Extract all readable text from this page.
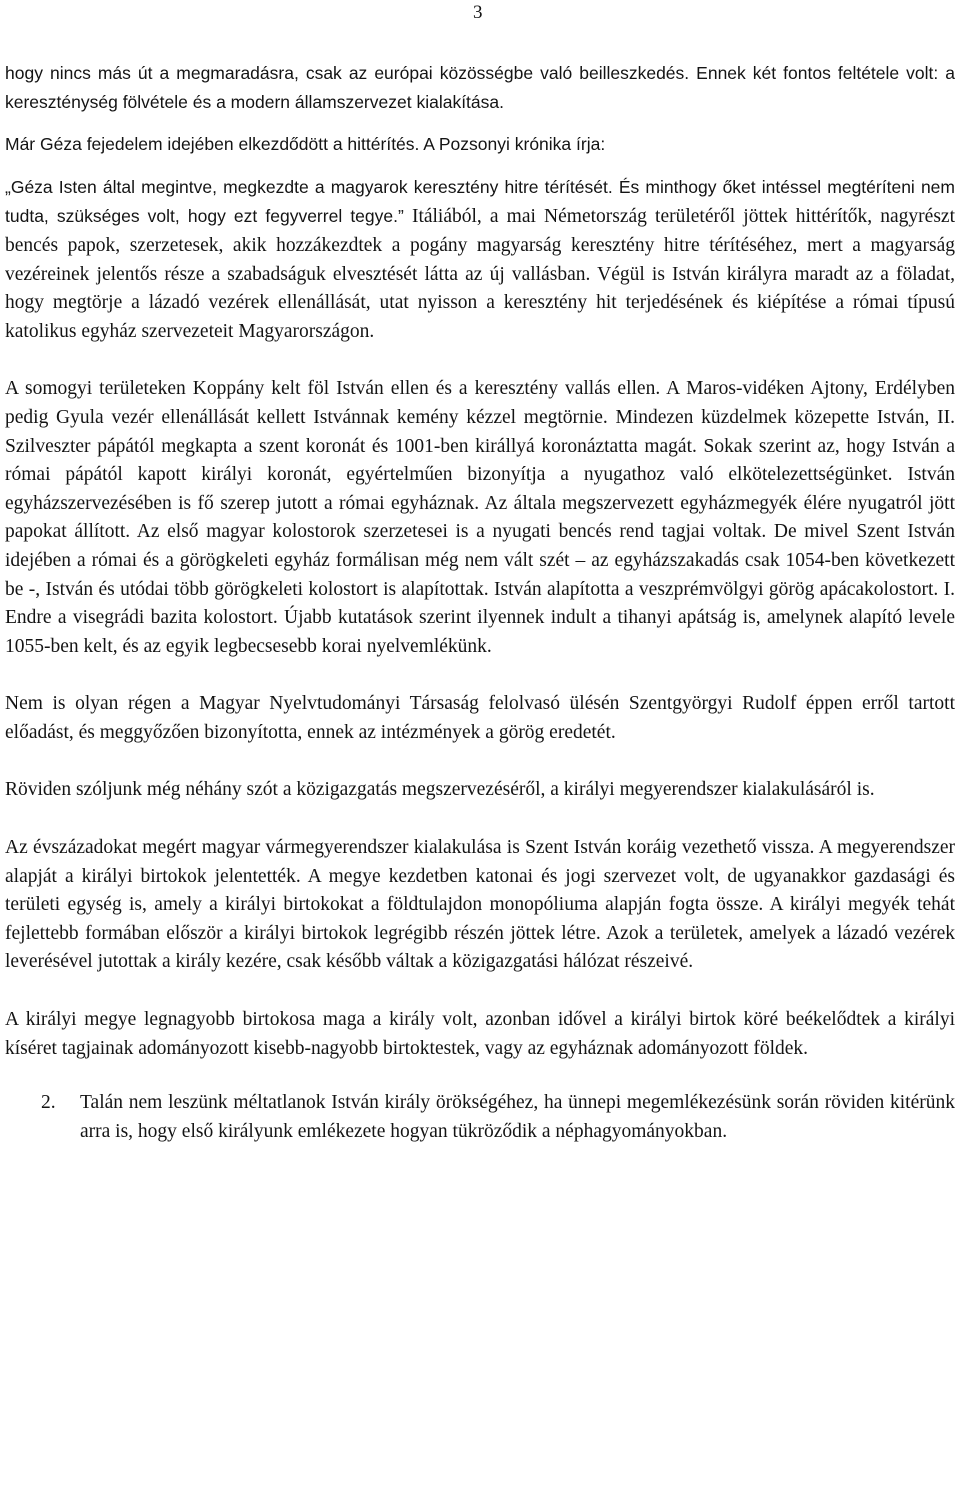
3

hogy nincs más út a megmaradásra, csak az európai közösségbe való beilleszkedés. Ennek két fontos feltétele volt: a kereszténység fölvétele és a modern államszervezet kialakítása.

Már Géza fejedelem idejében elkezdődött a hittérítés. A Pozsonyi krónika írja:

„Géza Isten által megintve, megkezdte a magyarok keresztény hitre térítését. És minthogy őket intéssel megtéríteni nem tudta, szükséges volt, hogy ezt fegyverrel tegye.” Itáliából, a mai Németország területéről jöttek hittérítők, nagyrészt bencés papok, szerzetesek, akik hozzákezdtek a pogány magyarság keresztény hitre térítéséhez, mert a magyarság vezéreinek jelentős része a szabadságuk elvesztését látta az új vallásban. Végül is István királyra maradt az a föladat, hogy megtörje a lázadó vezérek ellenállását, utat nyisson a keresztény hit terjedésének és kiépítése a római típusú katolikus egyház szervezeteit Magyarországon.

A somogyi területeken Koppány kelt föl István ellen és a keresztény vallás ellen. A Maros-vidéken Ajtony, Erdélyben pedig Gyula vezér ellenállását kellett Istvánnak kemény kézzel megtörnie. Mindezen küzdelmek közepette István, II. Szilveszter pápától megkapta a szent koronát és 1001-ben királlyá koronáztatta magát. Sokak szerint az, hogy István a római pápától kapott királyi koronát, egyértelműen bizonyítja a nyugathoz való elkötelezettségünket. István egyházszervezésében is fő szerep jutott a római egyháznak. Az általa megszervezett egyházmegyék élére nyugatról jött papokat állított. Az első magyar kolostorok szerzetesei is a nyugati bencés rend tagjai voltak. De mivel Szent István idejében a római és a görögkeleti egyház formálisan még nem vált szét – az egyházszakadás csak 1054-ben következett be -, István és utódai több görögkeleti kolostort is alapítottak. István alapította a veszprémvölgyi görög apácakolostort. I. Endre a visegrádi bazita kolostort. Újabb kutatások szerint ilyennek indult a tihanyi apátság is, amelynek alapító levele 1055-ben kelt, és az egyik legbecsesebb korai nyelvemlékünk.

Nem is olyan régen a Magyar Nyelvtudományi Társaság felolvasó ülésén Szentgyörgyi Rudolf éppen erről tartott előadást, és meggyőzően bizonyította, ennek az intézmények a görög eredetét.

Röviden szóljunk még néhány szót a közigazgatás megszervezéséről, a királyi megyerendszer kialakulásáról is.

Az évszázadokat megért magyar vármegyerendszer kialakulása is Szent István koráig vezethető vissza. A megyerendszer alapját a királyi birtokok jelentették. A megye kezdetben katonai és jogi szervezet volt, de ugyanakkor gazdasági és területi egység is, amely a királyi birtokokat a földtulajdon monopóliuma alapján fogta össze. A királyi megyék tehát fejlettebb formában először a királyi birtokok legrégibb részén jöttek létre. Azok a területek, amelyek a lázadó vezérek leverésével jutottak a király kezére, csak később váltak a közigazgatási hálózat részeivé.

A királyi megye legnagyobb birtokosa maga a király volt, azonban idővel a királyi birtok köré beékelődtek a királyi kíséret tagjainak adományozott kisebb-nagyobb birtoktestek, vagy az egyháznak adományozott földek.

2. Talán nem leszünk méltatlanok István király örökségéhez, ha ünnepi megemlékezésünk során röviden kitérünk arra is, hogy első királyunk emlékezete hogyan tükröződik a néphagyományokban.
